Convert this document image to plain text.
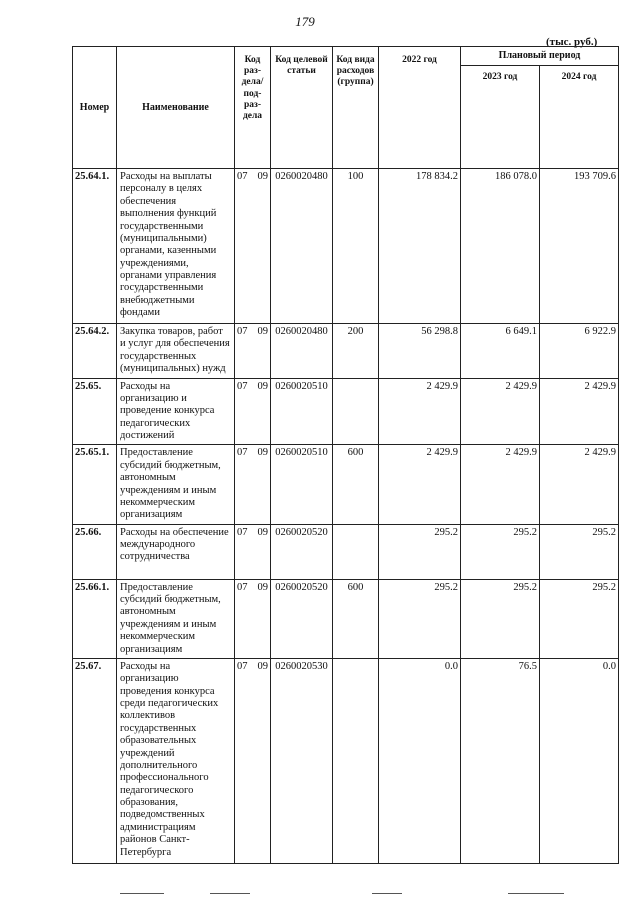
179
(тыс. руб.)
Номер	Наименование	Код раз-дела/ под-раз-дела	Код целевой статьи	Код вида расходов (группа)	2022 год	Плановый период	
						2023 год	2024 год
25.64.1.	Расходы на выплаты персоналу в целях обеспечения выполнения функций государственными (муниципальными) органами, казенными учреждениями, органами управления государственными внебюджетными фондами	07 09	0260020480	100	178 834.2	186 078.0	193 709.6
25.64.2.	Закупка товаров, работ и услуг для обеспечения государственных (муниципальных) нужд	07 09	0260020480	200	56 298.8	6 649.1	6 922.9
25.65.	Расходы на организацию и проведение конкурса педагогических достижений	07 09	0260020510		2 429.9	2 429.9	2 429.9
25.65.1.	Предоставление субсидий бюджетным, автономным учреждениям и иным некоммерческим организациям	07 09	0260020510	600	2 429.9	2 429.9	2 429.9
25.66.	Расходы на обеспечение международного сотрудничества	07 09	0260020520		295.2	295.2	295.2
25.66.1.	Предоставление субсидий бюджетным, автономным учреждениям и иным некоммерческим организациям	07 09	0260020520	600	295.2	295.2	295.2
25.67.	Расходы на организацию проведения конкурса среди педагогических коллективов государственных образовательных учреждений дополнительного профессионального педагогического образования, подведомственных администрациям районов Санкт-Петербурга	07 09	0260020530		0.0	76.5	0.0
